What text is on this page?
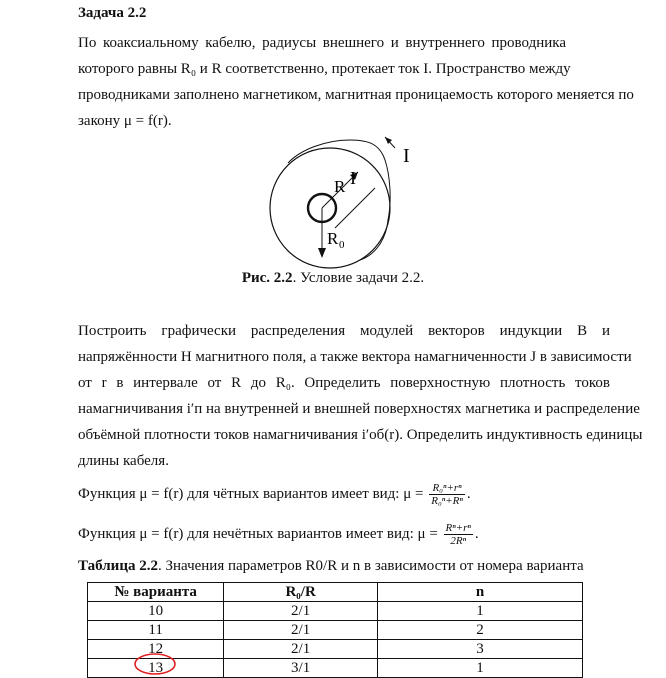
Задача 2.2
По коаксиальному кабелю, радиусы внешнего и внутреннего проводника
которого равны R₀ и R соответственно, протекает ток I. Пространство между
проводниками заполнено магнетиком, магнитная проницаемость которого меняется по
закону μ = f(r).
I
I
R
R 0
Рис. 2.2. Условие задачи 2.2.
Построить графически распределения модулей векторов индукции B и
напряжённости H магнитного поля, а также вектора намагниченности J в зависимости
от r в интервале от R до R₀. Определить поверхностную плотность токов
намагничивания i′п на внутренней и внешней поверхностях магнетика и распределение
объёмной плотности токов намагничивания i′об(r). Определить индуктивность единицы
длины кабеля.
Функция μ = f(r) для чётных вариантов имеет вид: $\mu = \frac{\text{R₀ⁿ+rⁿ}}{\text{R₀ⁿ+Rⁿ}}$ .
Функция μ = f(r) для нечётных вариантов имеет вид: $\mu = \frac{\text{Rⁿ+rⁿ}}{\text{2Rⁿ}}$ .
Таблица 2.2. Значения параметров R0/R и n в зависимости от номера варианта
№ варианта	R₀/R	n
10	2/1	1
11	2/1	2
12	2/1	3
13	3/1	1
